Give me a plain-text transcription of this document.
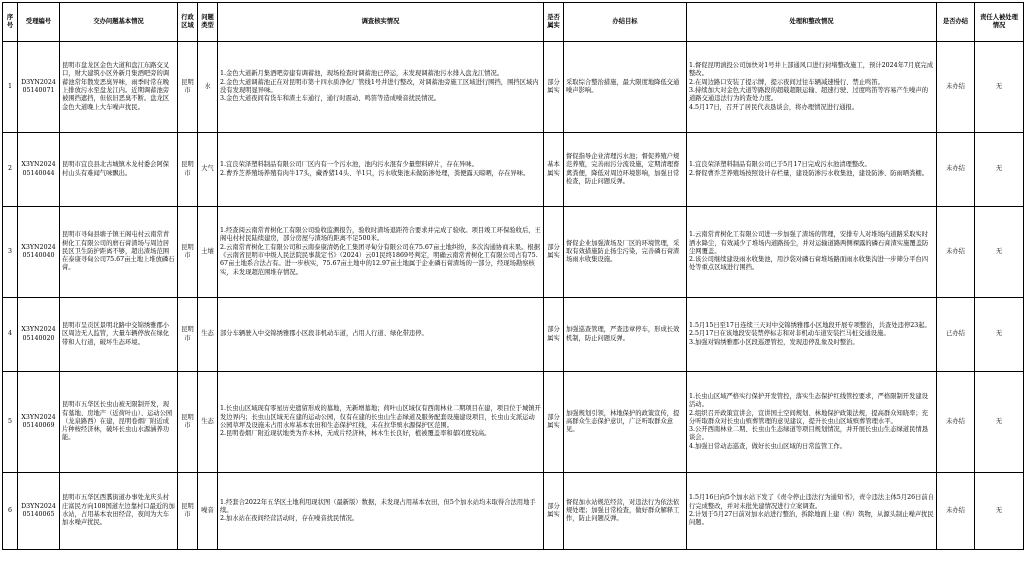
序号	受理编号	交办问题基本情况	行政区域	问题类型	调查核实情况	是否属实	办结目标	处理和整改情况	是否办结	责任人被处理情况
1	D3YN202405140071	昆明市盘龙区金色大道和盘江东路交叉口，财大建筑小区外新月集酒吧旁的调蓄池常年散发恶臭异味，雨季时常在晚上排放污水至盘龙江内。近期调蓄池旁被围挡遮挡，但依旧恶臭不断。盘龙区金色大道晚上大车噪声扰民。	昆明市	水	1.金色大道新月集酒吧旁建有调蓄池，现场检查时调蓄池已停运，未发现调蓄池污水排入盘龙江情况。
2.金色大道调蓄池正在对昆明市第十四水质净化厂管线1号井进行整改，对调蓄池旁施工区域进行围挡，围挡区域内没有发现明显异味。
3.金色大道夜间有货车和渣土车通行，通行时震动、鸣笛等造成噪音扰民情况。	部分属实	采取综合整治措施，最大限度地降低交通噪声影响。	1.督促昆明滇投公司加快对1号井上部通风口进行封堵整改施工，预计2024年7月底完成整改。
2.在周边路口安装了提示牌，提示夜间过往车辆减速慢行、禁止鸣笛。
3.持续加大对金色大道等路段的超载超限运输、超速行驶、过度鸣笛等容易产生噪声的道路交通违法行为的查处力度。
4.5月17日，召开了居民代表恳谈会，将办理情况进行通报。	未办结	无
2	X3YN202405140044	昆明市宜良县北古城镇木龙村委会阿保村山头有难闻气味飘出。	昆明市	大气	1.宜良荣泽塑料制品有限公司厂区内有一个污水池，池内污水混有少量塑料碎片，存在异味。
2.曹乔芝养殖场养殖有肉牛17头，藏香猪14头、羊1只，污水收集池未做防渗处理，粪便露天晾晒，存在异味。	基本属实	督促指导企业清理污水池；督促养殖户规范养殖，完善雨污分流设施，定期清理畜禽粪便，降低对周边环境影响，加强日常检查，防止问题反弹。	1.宜良荣泽塑料制品有限公司已于5月17日完成污水池清理整改。
2.督促曹乔芝养殖场按照设计存栏量，建设防渗污水收集池，建设防渗、防雨晒粪棚。	未办结	无
3	X3YN202405140040	昆明市寻甸县塘子镇王阁屯村云南常青树化工有限公司的磨石膏渣场与周边居民区卫生防护距离不够，超出渣场范围在泰康寻甸公司75.67亩土地上堆放磷石膏。	昆明市	土壤	1.经查阅云南常青树化工有限公司验收监测报告，验收时渣场退距符合要求并完成了验收。项目竣工环保验收后，王阁屯村村民陆续建房，部分房屋与渣场的距离不足500米。
2.云南常青树化工有限公司和云南泰康清奶化工集团寻甸分有限公司在75.67亩土地纠纷，多次沟通协商未果。根据《云南省昆明市中级人民法院民事裁定书》（2024）云01民终1869号判定，明确云南常青树化工有限公司占有75.67亩土地系合法占有。进一步核实，75.67亩土地中的12.97亩土地属于企业磷石膏渣场的一部分，经现场勘察核实，未发现超范围堆存情况。	部分属实	督促企业加强渣场及厂区的环境管理，采取有效措施防止扬尘污染，完善磷石膏渣场雨水收集设施。	1.云南常青树化工有限公司进一步加强了渣场的管理，安排专人对堆场内道路采取实时洒水降尘，有效减少了堆场内道路扬尘，并对运输道路两侧裸露的磷石膏渣实施覆盖防尘网覆盖。
2.该公司继续建设雨水收集池，用沙袋对磷石膏堆场路面雨水收集沟进一步筛分平台四处等重点区域进行围挡。	未办结	无
4	X3YN202405140020	昆明市呈贡区景明北路中交锦绣雅郡小区周边无人监管，大量车辆停放在绿化带和人行道，破坏生态环境。	昆明市	生态	部分车辆驶入中交锦绣雅郡小区段非机动车道，占用人行道、绿化带违停。	部分属实	加强巡查管理，严查违章停车，形成长效机制，防止问题反弹。	1.5月15日至17日连续三天对中交锦绣雅郡小区地段开展专项整治，共查处违停23起。
2.5月17日在该地段安装禁停标志和对非机动车道安装拦马桩交通设施。
3.加强对锦绣雅郡小区段巡逻管控，发现违停乱象及时整治。	已办结	无
5	X3YN202405140069	昆明市五华区长虫山被无限制开发，现有墓地、房地产（近荷叶山）、运动公园（龙泉路西）在建，昆明卷烟厂附近成片种桉经济林，破坏长虫山水源涵养功能。	昆明市	生态	1.长虫山区域现有零星历史遗留形成的墓地，无新增墓地；荷叶山区域仅有西南林业二期项目在建，项目位于城镇开发边界内；长虫山区域无在建的运动公园，仅有在建的长虫山生态绿道及服务配套设施建设项目，长虫山支派运动公园草坪及设施未占用水库基本农田和生态保护红线，未在拉华殡水源保护区范围。
2.昆明卷烟厂附近现状地类为乔木林，无成片经济林，林木生长良好，植被覆盖率和郁闭度较高。	部分属实	加强规划引领，林地保护的政策宣传，提高群众生态保护意识，广泛听取群众意见。	1.长虫山区域严格实行保护开发管控，落实生态保护红线管控要求，严格限制开发建设活动。
2.组织召开政策宣讲会，宣讲国土空间规划、林地保护政策法规，提高群众知晓率；充分听取群众对长虫山殡葬管理的意见建议，提升长虫山区域殡葬管理水平。
3.公开西南林业二期、长虫山生态绿道等项目规划情况，并开展长虫山生态绿道民情恳谈会。
4.加强日常动态巡查，做好长虫山区域的日常监管工作。	未办结	无
6	D3YN202405140065	昆明市五华区西翥街道办事处龙庆头村庄富民方向108国道左边靠村口最近的加水站，占用基本农田经营，夜间为大车加水噪声扰民。	昆明市	噪音	1.经套合2022年五华区土地利用现状图（最新版）数据，未发现占用基本农田，但5个加水站均未取得合法用地手续。
2.加水站在夜间经营活动时，存在噪音扰民情况。	部分属实	督促加水站规范经营，对违法行为依法依规处理；加强日常检查，做好群众解释工作，防止问题反弹。	1.5月16日向5个加水站下发了《责令停止违法行为通知书》，责令违法主体5月26日前自行完成整改，并对未批先建情况进行立案调查。
2.计划于5月27日前对加水站进行整治，拆除地面上建（构）筑物，从源头制止噪声扰民问题。	未办结	无
